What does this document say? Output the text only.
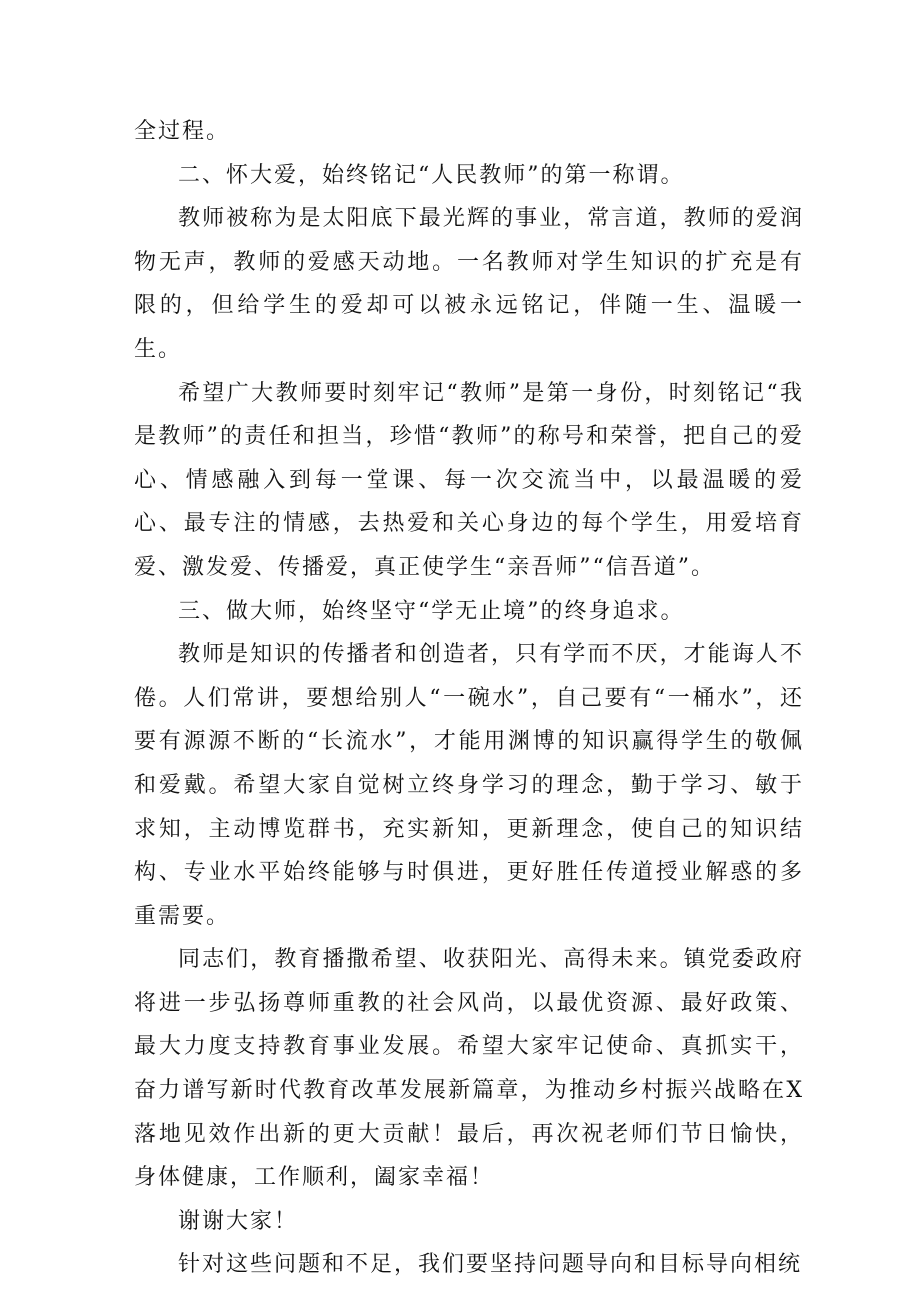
全过程。

二、怀大爱，始终铭记“人民教师”的第一称谓。

教师被称为是太阳底下最光辉的事业，常言道，教师的爱润物无声，教师的爱感天动地。一名教师对学生知识的扩充是有限的，但给学生的爱却可以被永远铭记，伴随一生、温暖一生。

希望广大教师要时刻牢记“教师”是第一身份，时刻铭记“我是教师”的责任和担当，珍惜“教师”的称号和荣誉，把自己的爱心、情感融入到每一堂课、每一次交流当中，以最温暖的爱心、最专注的情感，去热爱和关心身边的每个学生，用爱培育爱、激发爱、传播爱，真正使学生“亲吾师”“信吾道”。

三、做大师，始终坚守“学无止境”的终身追求。

教师是知识的传播者和创造者，只有学而不厌，才能诲人不倦。人们常讲，要想给别人“一碗水”，自己要有“一桶水”，还要有源源不断的“长流水”，才能用渊博的知识赢得学生的敬佩和爱戴。希望大家自觉树立终身学习的理念，勤于学习、敏于求知，主动博览群书，充实新知，更新理念，使自己的知识结构、专业水平始终能够与时俱进，更好胜任传道授业解惑的多重需要。

同志们，教育播撒希望、收获阳光、高得未来。镇党委政府将进一步弘扬尊师重教的社会风尚，以最优资源、最好政策、最大力度支持教育事业发展。希望大家牢记使命、真抓实干，奋力谱写新时代教育改革发展新篇章，为推动乡村振兴战略在X落地见效作出新的更大贡献！最后，再次祝老师们节日愉快，身体健康，工作顺利，阖家幸福！

谢谢大家！

针对这些问题和不足，我们要坚持问题导向和目标导向相统
